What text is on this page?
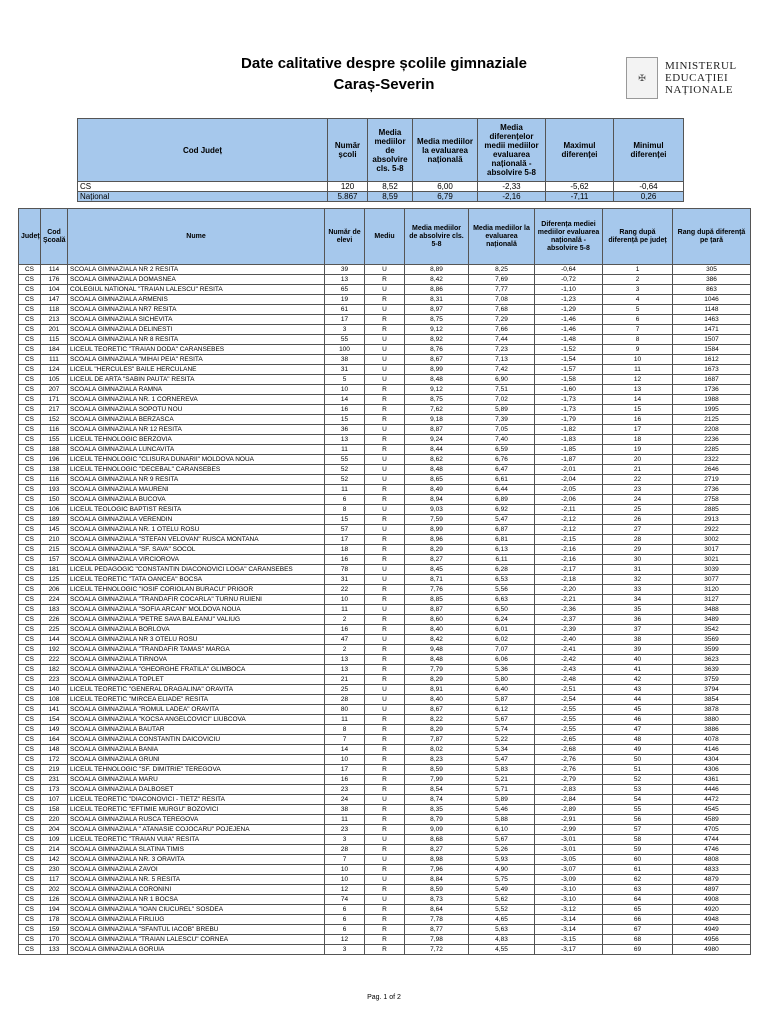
Date calitative despre școlile gimnaziale
Caraș-Severin	✠
MINISTERUL
EDUCAȚIEI
NAȚIONALE
Cod Județ	Număr școli	Media mediilor de absolvire cls. 5-8	Media mediilor la evaluarea națională	Media diferențelor medii mediilor evaluarea națională - absolvire 5-8	Maximul diferenței	Minimul diferenței
CS	120	8,52	6,00	-2,33	-5,62	-0,64
Național	5.867	8,59	6,79	-2,16	-7,11	0,26
Județ	Cod Școală	Nume	Număr de elevi	Mediu	Media mediilor de absolvire cls. 5-8	Media mediilor la evaluarea națională	Diferența mediei mediilor evaluarea națională - absolvire 5-8	Rang după diferență pe județ	Rang după diferență pe țară
CS	114	SCOALA GIMNAZIALA NR 2 RESITA	39	U	8,89	8,25	-0,64	1	305
CS	176	SCOALA GIMNAZIALA DOMASNEA	13	R	8,42	7,69	-0,72	2	386
CS	104	COLEGIUL NATIONAL "TRAIAN LALESCU" RESITA	65	U	8,86	7,77	-1,10	3	863
CS	147	SCOALA GIMNAZIALA ARMENIS	19	R	8,31	7,08	-1,23	4	1046
CS	118	SCOALA GIMNAZIALA NR7 RESITA	61	U	8,97	7,68	-1,29	5	1148
CS	213	SCOALA GIMNAZIALA SICHEVITA	17	R	8,75	7,29	-1,46	6	1463
CS	201	SCOALA GIMNAZIALA DELINESTI	3	R	9,12	7,66	-1,46	7	1471
CS	115	SCOALA GIMNAZIALA NR 8 RESITA	55	U	8,92	7,44	-1,48	8	1507
CS	184	LICEUL TEORETIC "TRAIAN DODA" CARANSEBES	100	U	8,76	7,23	-1,52	9	1584
CS	111	SCOALA GIMNAZIALA "MIHAI PEIA" RESITA	38	U	8,67	7,13	-1,54	10	1612
CS	124	LICEUL "HERCULES" BAILE HERCULANE	31	U	8,99	7,42	-1,57	11	1673
CS	105	LICEUL DE ARTA "SABIN PAUTA" RESITA	5	U	8,48	6,90	-1,58	12	1687
CS	207	SCOALA GIMNAZIALA RAMNA	10	R	9,12	7,51	-1,60	13	1736
CS	171	SCOALA GIMNAZIALA NR. 1 CORNEREVA	14	R	8,75	7,02	-1,73	14	1988
CS	217	SCOALA GIMNAZIALA SOPOTU NOU	16	R	7,62	5,89	-1,73	15	1995
CS	152	SCOALA GIMNAZIALA BERZASCA	15	R	9,18	7,39	-1,79	16	2125
CS	116	SCOALA GIMNAZIALA NR 12 RESITA	36	U	8,87	7,05	-1,82	17	2208
CS	155	LICEUL TEHNOLOGIC BERZOVIA	13	R	9,24	7,40	-1,83	18	2236
CS	188	SCOALA GIMNAZIALA LUNCAVITA	11	R	8,44	6,59	-1,85	19	2285
CS	196	LICEUL TEHNOLOGIC "CLISURA DUNARII" MOLDOVA NOUA	55	U	8,62	6,76	-1,87	20	2322
CS	138	LICEUL TEHNOLOGIC "DECEBAL" CARANSEBES	52	U	8,48	6,47	-2,01	21	2646
CS	116	SCOALA GIMNAZIALA NR 9 RESITA	52	U	8,65	6,61	-2,04	22	2719
CS	193	SCOALA GIMNAZIALA MAURENI	11	R	8,49	6,44	-2,05	23	2736
CS	150	SCOALA GIMNAZIALA BUCOVA	6	R	8,94	6,89	-2,06	24	2758
CS	106	LICEUL TEOLOGIC BAPTIST RESITA	8	U	9,03	6,92	-2,11	25	2885
CS	189	SCOALA GIMNAZIALA VERENDIN	15	R	7,59	5,47	-2,12	26	2913
CS	145	SCOALA GIMNAZIALA NR. 1 OTELU ROSU	57	U	8,99	6,87	-2,12	27	2922
CS	210	SCOALA GIMNAZIALA "STEFAN VELOVAN" RUSCA MONTANA	17	R	8,96	6,81	-2,15	28	3002
CS	215	SCOALA GIMNAZIALA "SF. SAVA" SOCOL	18	R	8,29	6,13	-2,16	29	3017
CS	157	SCOALA GIMNAZIALA VIRCIOROVA	16	R	8,27	6,11	-2,16	30	3021
CS	181	LICEUL PEDAGOGIC "CONSTANTIN DIACONOVICI LOGA" CARANSEBES	78	U	8,45	6,28	-2,17	31	3039
CS	125	LICEUL TEORETIC "TATA OANCEA" BOCSA	31	U	8,71	6,53	-2,18	32	3077
CS	206	LICEUL TEHNOLOGIC "IOSIF CORIOLAN BURACU" PRIGOR	22	R	7,76	5,56	-2,20	33	3120
CS	224	SCOALA GIMNAZIALA "TRANDAFIR COCARLA" TURNU RUIENI	10	R	8,85	6,63	-2,21	34	3127
CS	183	SCOALA GIMNAZIALA "SOFIA ARCAN" MOLDOVA NOUA	11	U	8,87	6,50	-2,36	35	3488
CS	226	SCOALA GIMNAZIALA "PETRE SAVA BALEANU" VALIUG	2	R	8,60	6,24	-2,37	36	3489
CS	225	SCOALA GIMNAZIALA BORLOVA	16	R	8,40	6,01	-2,39	37	3542
CS	144	SCOALA GIMNAZIALA NR 3 OTELU ROSU	47	U	8,42	6,02	-2,40	38	3569
CS	192	SCOALA GIMNAZIALA "TRANDAFIR TAMAS" MARGA	2	R	9,48	7,07	-2,41	39	3599
CS	222	SCOALA GIMNAZIALA TIRNOVA	13	R	8,48	6,06	-2,42	40	3623
CS	182	SCOALA GIMNAZIALA "GHEORGHE FRATILA" GLIMBOCA	13	R	7,79	5,36	-2,43	41	3639
CS	223	SCOALA GIMNAZIALA TOPLET	21	R	8,29	5,80	-2,48	42	3759
CS	140	LICEUL TEORETIC "GENERAL DRAGALINA" ORAVITA	25	U	8,91	6,40	-2,51	43	3794
CS	108	LICEUL TEORETIC "MIRCEA ELIADE" RESITA	28	U	8,40	5,87	-2,54	44	3854
CS	141	SCOALA GIMNAZIALA "ROMUL LADEA" ORAVITA	80	U	8,67	6,12	-2,55	45	3878
CS	154	SCOALA GIMNAZIALA "KOCSA ANGELCOVICI" LIUBCOVA	11	R	8,22	5,67	-2,55	46	3880
CS	149	SCOALA GIMNAZIALA BAUTAR	8	R	8,29	5,74	-2,55	47	3886
CS	164	SCOALA GIMNAZIALA CONSTANTIN DAICOVICIU	7	R	7,87	5,22	-2,65	48	4078
CS	148	SCOALA GIMNAZIALA BANIA	14	R	8,02	5,34	-2,68	49	4146
CS	172	SCOALA GIMNAZIALA GRUNI	10	R	8,23	5,47	-2,76	50	4304
CS	219	LICEUL TEHNOLOGIC "SF. DIMITRIE" TEREGOVA	17	R	8,59	5,83	-2,76	51	4306
CS	231	SCOALA GIMNAZIALA MARU	16	R	7,99	5,21	-2,79	52	4361
CS	173	SCOALA GIMNAZIALA DALBOSET	23	R	8,54	5,71	-2,83	53	4446
CS	107	LICEUL TEORETIC "DIACONOVICI - TIETZ" RESITA	24	U	8,74	5,89	-2,84	54	4472
CS	158	LICEUL TEORETIC "EFTIMIE MURGU" BOZOVICI	38	R	8,35	5,46	-2,89	55	4545
CS	220	SCOALA GIMNAZIALA RUSCA TEREGOVA	11	R	8,79	5,88	-2,91	56	4589
CS	204	SCOALA GIMNAZIALA " ATANASIE COJOCARU" POJEJENA	23	R	9,09	6,10	-2,99	57	4705
CS	109	LICEUL TEORETIC "TRAIAN VUIA" RESITA	3	U	8,68	5,67	-3,01	58	4744
CS	214	SCOALA GIMNAZIALA SLATINA TIMIS	28	R	8,27	5,26	-3,01	59	4746
CS	142	SCOALA GIMNAZIALA NR. 3 ORAVITA	7	U	8,98	5,93	-3,05	60	4808
CS	230	SCOALA GIMNAZIALA ZAVOI	10	R	7,96	4,90	-3,07	61	4833
CS	117	SCOALA GIMNAZIALA NR. 5 RESITA	10	U	8,84	5,75	-3,09	62	4879
CS	202	SCOALA GIMNAZIALA CORONINI	12	R	8,59	5,49	-3,10	63	4897
CS	126	SCOALA GIMNAZIALA NR 1 BOCSA	74	U	8,73	5,62	-3,10	64	4908
CS	194	SCOALA GIMNAZIALA "IOAN CIUCUREL" SOSDEA	6	R	8,64	5,52	-3,12	65	4920
CS	178	SCOALA GIMNAZIALA FIRLIUG	6	R	7,78	4,65	-3,14	66	4948
CS	159	SCOALA GIMNAZIALA "SFANTUL IACOB" BREBU	6	R	8,77	5,63	-3,14	67	4949
CS	170	SCOALA GIMNAZIALA "TRAIAN LALESCU" CORNEA	12	R	7,98	4,83	-3,15	68	4956
CS	133	SCOALA GIMNAZIALA GORUIA	3	R	7,72	4,55	-3,17	69	4980
Pag. 1 of 2
